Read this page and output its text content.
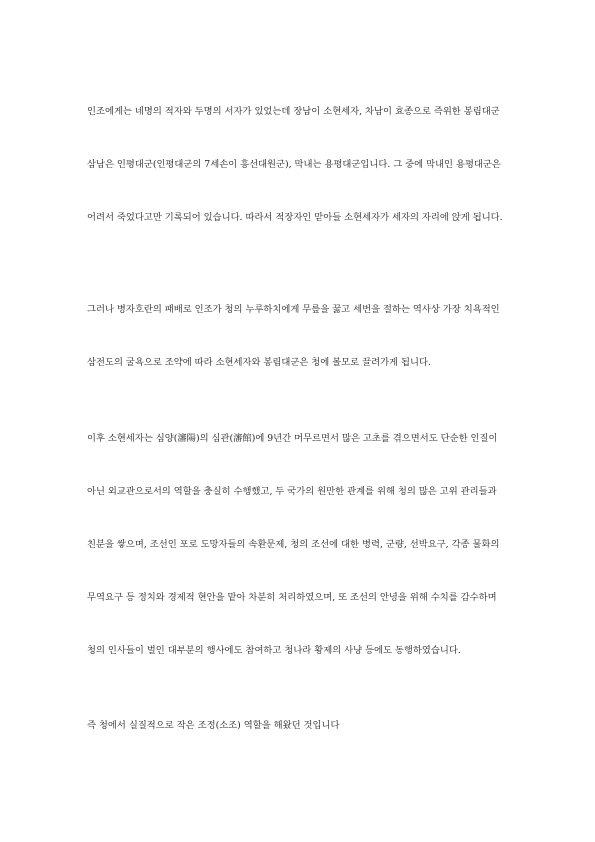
인조에게는 네명의 적자와 두명의 서자가 있었는데 장남이 소현세자, 차남이 효종으로 즉위한 봉림대군

삼남은 인평대군(인평대군의 7세손이 흥선대원군), 막내는 용평대군입니다. 그 중에 막내인 용평대군은

어려서 죽었다고만 기록되어 있습니다. 따라서 적장자인 맏아들 소현세자가 세자의 자리에 앉게 됩니다.

그러나 병자호란의 패배로 인조가 청의 누루하치에게 무릎을 꿇고 세번을 절하는 역사상 가장 치욕적인

삼전도의 굴욕으로 조약에 따라 소현세자와 봉림대군은 청에 볼모로 끌려가게 됩니다.

이후 소현세자는 심양(瀋陽)의 심관(瀋館)에 9년간 머무르면서 많은 고초를 겪으면서도 단순한 인질이

아닌 외교관으로서의 역할을 충실히 수행했고, 두 국가의 원만한 관계를 위해 청의 많은 고위 관리들과

친분을 쌓으며, 조선인 포로 도망자들의 속환문제, 청의 조선에 대한 병력, 군량, 선박요구, 각종 물화의

무역요구 등 정치와 경제적 현안을 맡아 차분히 처리하였으며, 또 조선의 안녕을 위해 수치를 감수하며

청의 인사들이 벌인 대부분의 행사에도 참여하고 청나라 황제의 사냥 등에도 동행하였습니다.

즉 청에서 실질적으로 작은 조정(소조) 역할을 해왔던 것입니다
